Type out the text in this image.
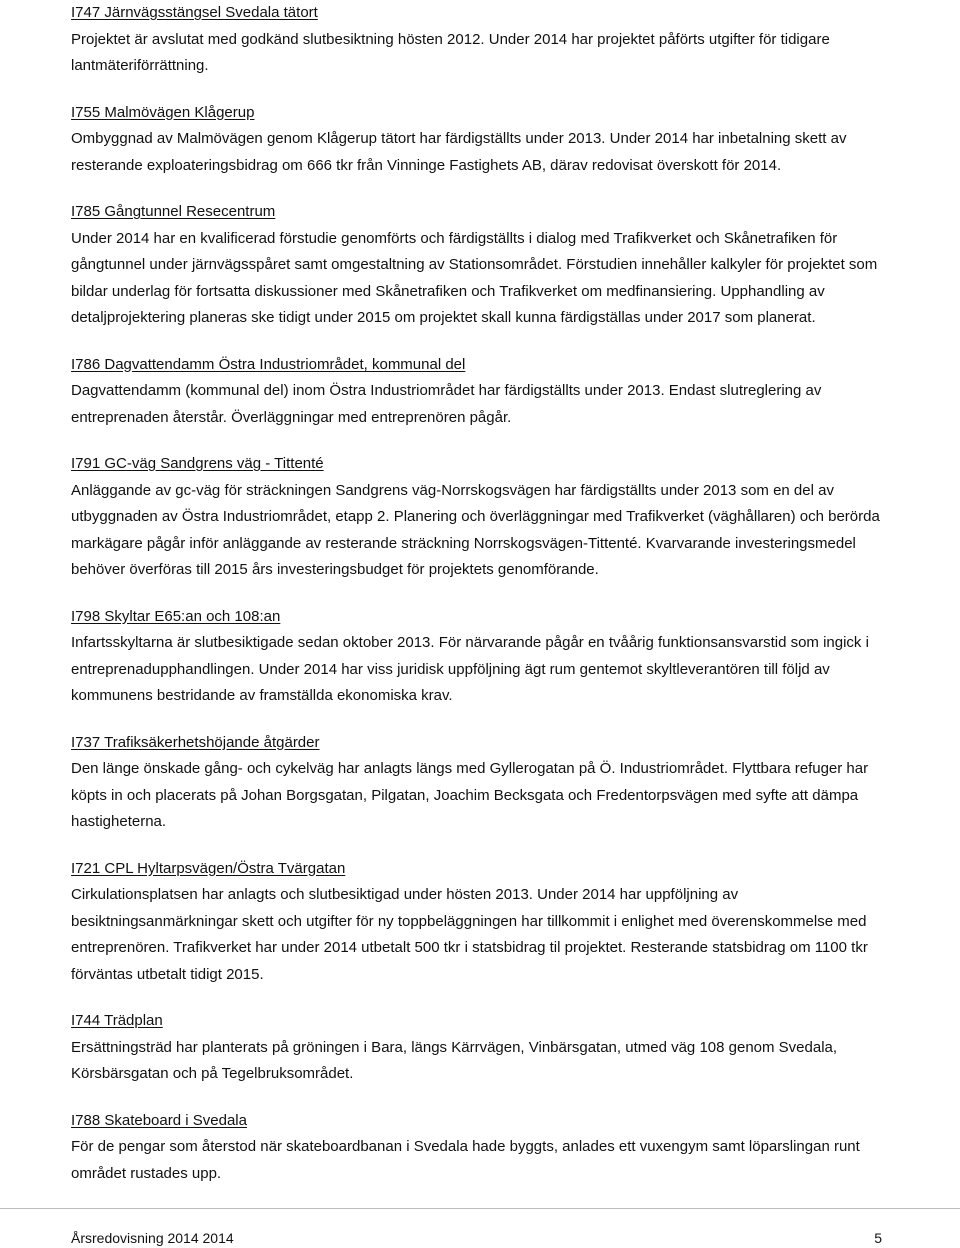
I747 Järnvägsstängsel Svedala tätort

Projektet är avslutat med godkänd slutbesiktning hösten 2012. Under 2014 har projektet påförts utgifter för tidigare lantmäteriförrättning.

I755 Malmövägen Klågerup

Ombyggnad av Malmövägen genom Klågerup tätort har färdigställts under 2013. Under 2014 har inbetalning skett av resterande exploateringsbidrag om 666 tkr från Vinninge Fastighets AB, därav redovisat överskott för 2014.

I785 Gångtunnel Resecentrum

Under 2014 har en kvalificerad förstudie genomförts och färdigställts i dialog med Trafikverket och Skånetrafiken för gångtunnel under järnvägsspåret samt omgestaltning av Stationsområdet. Förstudien innehåller kalkyler för projektet som bildar underlag för fortsatta diskussioner med Skånetrafiken och Trafikverket om medfinansiering. Upphandling av detaljprojektering planeras ske tidigt under 2015 om projektet skall kunna färdigställas under 2017 som planerat.

I786 Dagvattendamm Östra Industriområdet, kommunal del

Dagvattendamm (kommunal del) inom Östra Industriområdet har färdigställts under 2013. Endast slutreglering av entreprenaden återstår. Överläggningar med entreprenören pågår.

I791 GC-väg Sandgrens väg - Tittenté

Anläggande av gc-väg för sträckningen Sandgrens väg-Norrskogsvägen har färdigställts under 2013 som en del av utbyggnaden av Östra Industriområdet, etapp 2. Planering och överläggningar med Trafikverket (väghållaren) och berörda markägare pågår inför anläggande av resterande sträckning Norrskogsvägen-Tittenté. Kvarvarande investeringsmedel behöver överföras till 2015 års investeringsbudget för projektets genomförande.

I798 Skyltar E65:an och 108:an

Infartsskyltarna är slutbesiktigade sedan oktober 2013. För närvarande pågår en tvåårig funktionsansvarstid som ingick i entreprenadupphandlingen. Under 2014 har viss juridisk uppföljning ägt rum gentemot skyltleverantören till följd av kommunens bestridande av framställda ekonomiska krav.

I737 Trafiksäkerhetshöjande åtgärder

Den länge önskade gång- och cykelväg har anlagts längs med Gyllerogatan på Ö. Industriområdet. Flyttbara refuger har köpts in och placerats på Johan Borgsgatan, Pilgatan, Joachim Becksgata och Fredentorpsvägen med syfte att dämpa hastigheterna.

I721 CPL Hyltarpsvägen/Östra Tvärgatan

Cirkulationsplatsen har anlagts och slutbesiktigad under hösten 2013. Under 2014 har uppföljning av besiktningsanmärkningar skett och utgifter för ny toppbeläggningen har tillkommit i enlighet med överenskommelse med entreprenören. Trafikverket har under 2014 utbetalt 500 tkr i statsbidrag til projektet. Resterande statsbidrag om 1100 tkr förväntas utbetalt tidigt 2015.

I744 Trädplan

Ersättningsträd har planterats på gröningen i Bara, längs Kärrvägen, Vinbärsgatan, utmed väg 108 genom Svedala, Körsbärsgatan och på Tegelbruksområdet.

I788 Skateboard i Svedala

För de pengar som återstod när skateboardbanan i Svedala hade byggts, anlades ett vuxengym samt löparslingan runt området rustades upp.

Årsredovisning 2014 2014	5
